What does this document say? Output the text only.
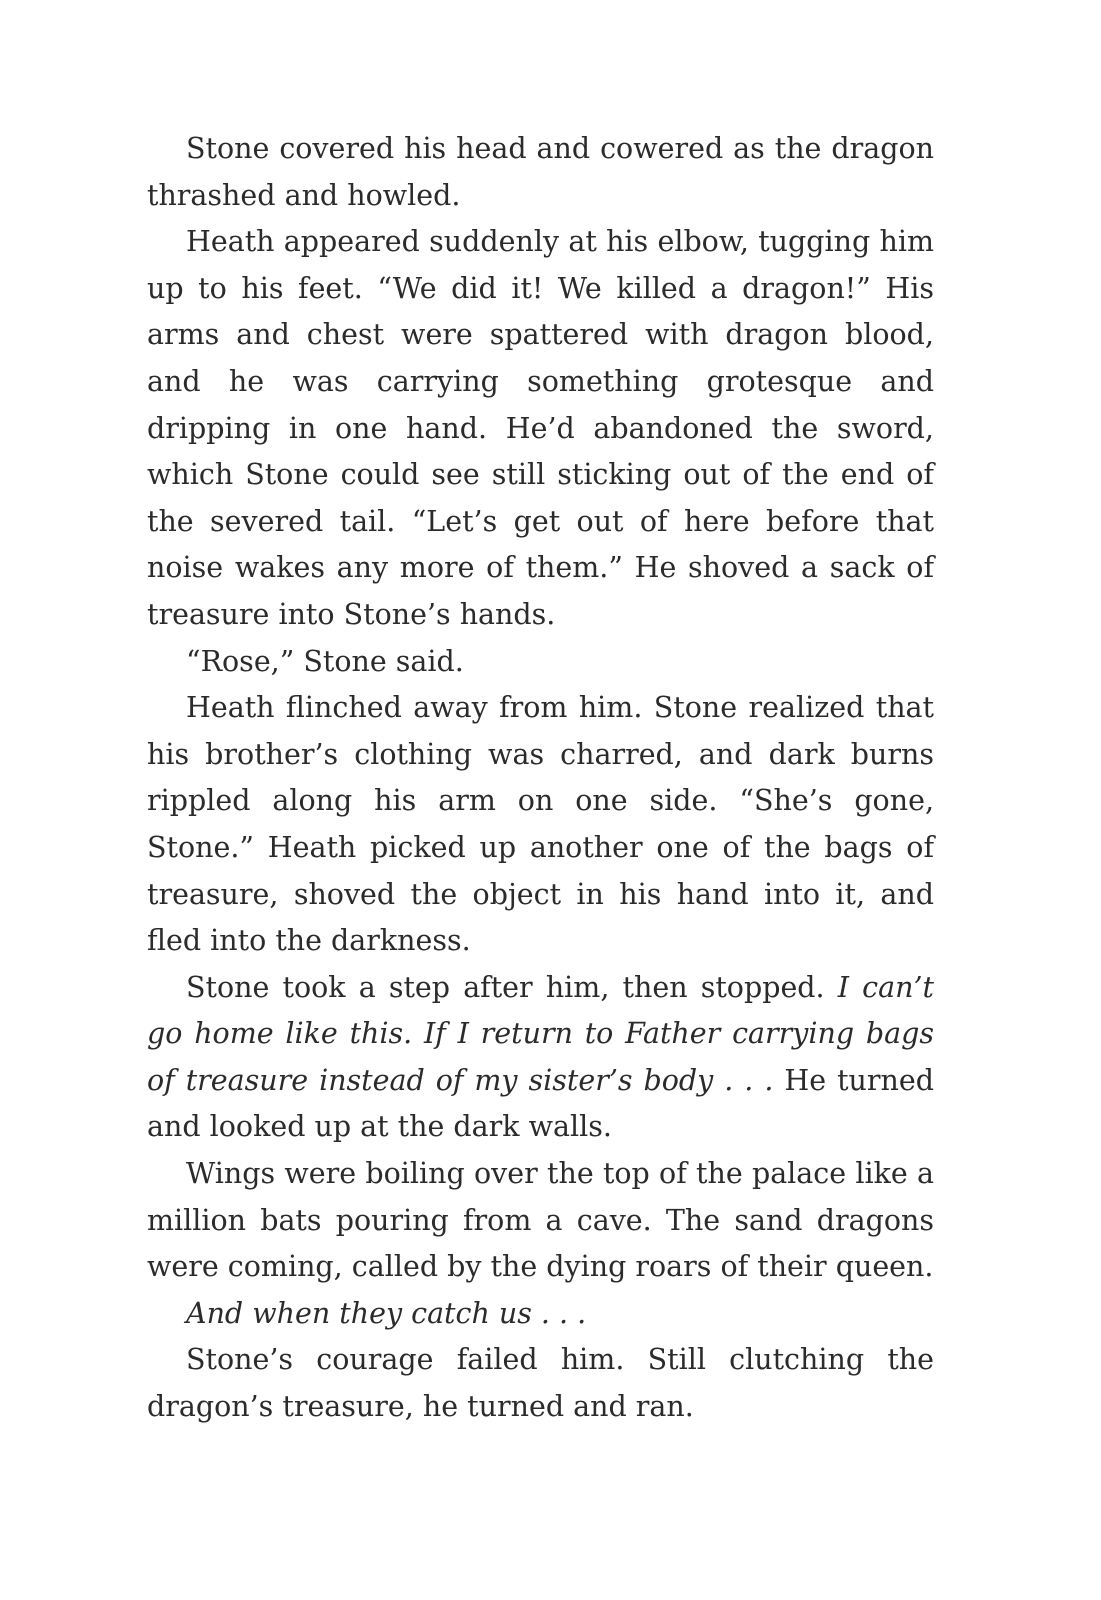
Stone covered his head and cowered as the dragon thrashed and howled.

Heath appeared suddenly at his elbow, tugging him up to his feet. “We did it! We killed a dragon!” His arms and chest were spattered with dragon blood, and he was carrying something grotesque and dripping in one hand. He’d abandoned the sword, which Stone could see still sticking out of the end of the severed tail. “Let’s get out of here before that noise wakes any more of them.” He shoved a sack of treasure into Stone’s hands.

“Rose,” Stone said.

Heath flinched away from him. Stone realized that his brother’s clothing was charred, and dark burns rippled along his arm on one side. “She’s gone, Stone.” Heath picked up another one of the bags of treasure, shoved the object in his hand into it, and fled into the darkness.

Stone took a step after him, then stopped. I can’t go home like this. If I return to Father carrying bags of treasure instead of my sister’s body . . . He turned and looked up at the dark walls.

Wings were boiling over the top of the palace like a million bats pouring from a cave. The sand dragons were coming, called by the dying roars of their queen.

And when they catch us . . .

Stone’s courage failed him. Still clutching the dragon’s treasure, he turned and ran.
